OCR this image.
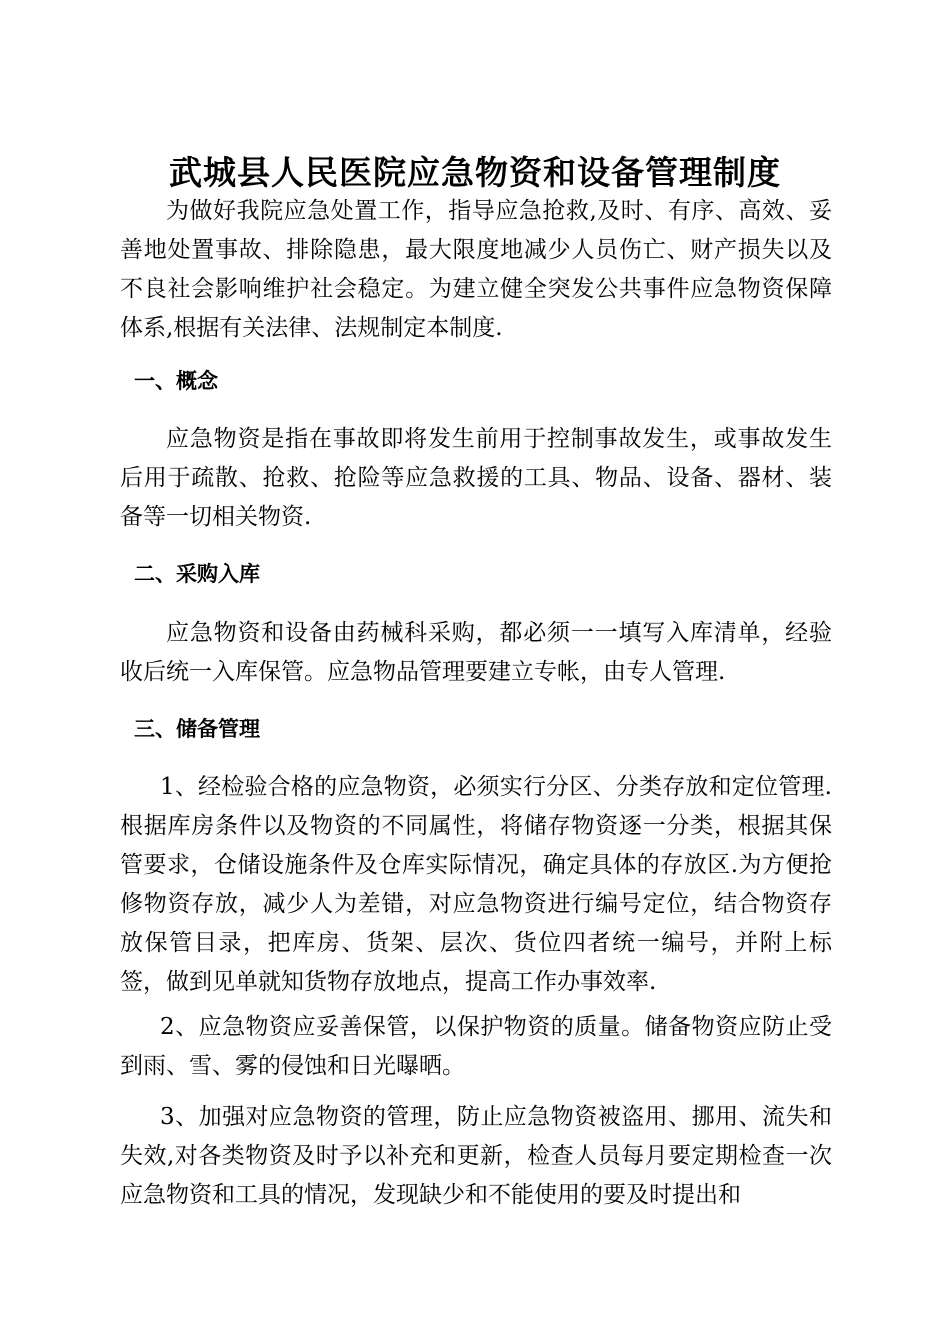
武城县人民医院应急物资和设备管理制度

为做好我院应急处置工作，指导应急抢救,及时、有序、高效、妥善地处置事故、排除隐患，最大限度地减少人员伤亡、财产损失以及不良社会影响维护社会稳定。为建立健全突发公共事件应急物资保障体系,根据有关法律、法规制定本制度.

一、概念

应急物资是指在事故即将发生前用于控制事故发生，或事故发生后用于疏散、抢救、抢险等应急救援的工具、物品、设备、器材、装备等一切相关物资.

二、采购入库

应急物资和设备由药械科采购，都必须一一填写入库清单，经验收后统一入库保管。应急物品管理要建立专帐，由专人管理.

三、储备管理

1、经检验合格的应急物资，必须实行分区、分类存放和定位管理.根据库房条件以及物资的不同属性，将储存物资逐一分类，根据其保管要求，仓储设施条件及仓库实际情况，确定具体的存放区.为方便抢修物资存放，减少人为差错，对应急物资进行编号定位，结合物资存放保管目录，把库房、货架、层次、货位四者统一编号，并附上标签，做到见单就知货物存放地点，提高工作办事效率.

2、应急物资应妥善保管，以保护物资的质量。储备物资应防止受到雨、雪、雾的侵蚀和日光曝晒。

3、加强对应急物资的管理，防止应急物资被盗用、挪用、流失和失效,对各类物资及时予以补充和更新，检查人员每月要定期检查一次应急物资和工具的情况，发现缺少和不能使用的要及时提出和
